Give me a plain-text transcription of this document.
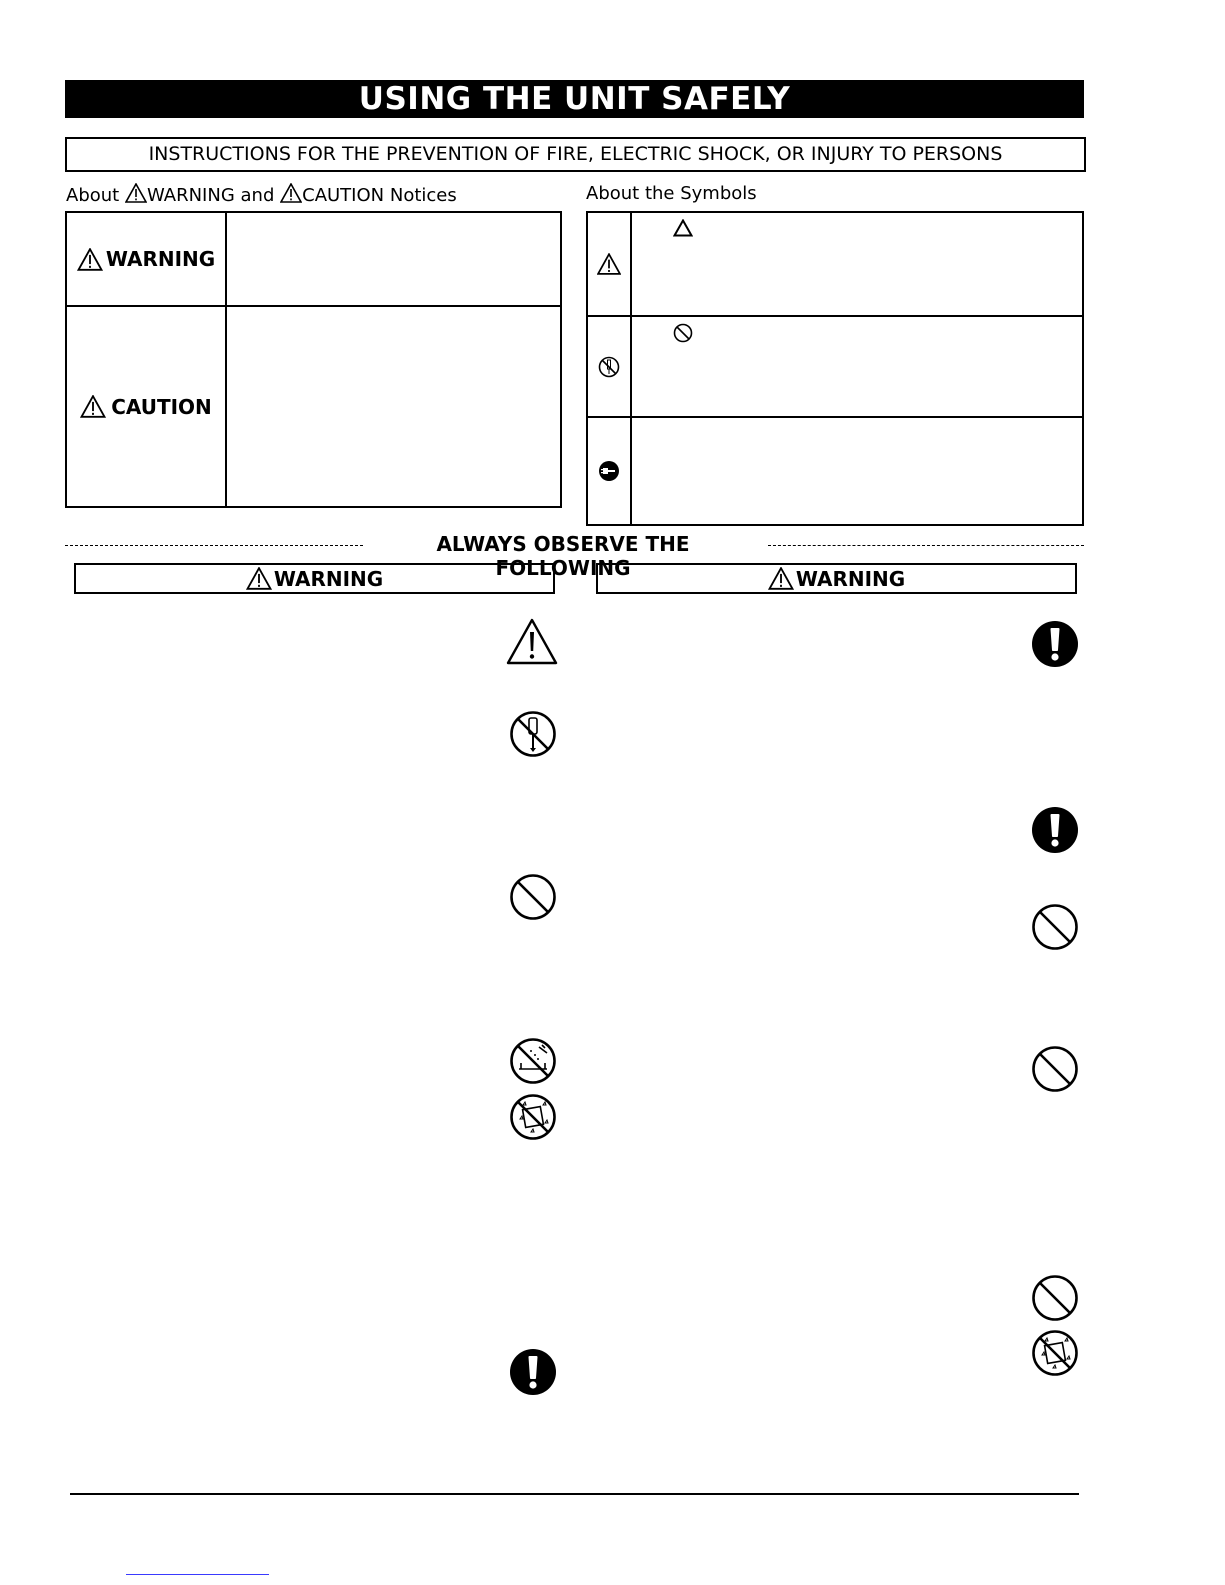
USING THE UNIT SAFELY
INSTRUCTIONS FOR THE PREVENTION OF FIRE, ELECTRIC SHOCK, OR INJURY TO PERSONS
About WARNING and CAUTION Notices
WARNING
CAUTION
About the Symbols
ALWAYS OBSERVE THE FOLLOWING
WARNING	WARNING
